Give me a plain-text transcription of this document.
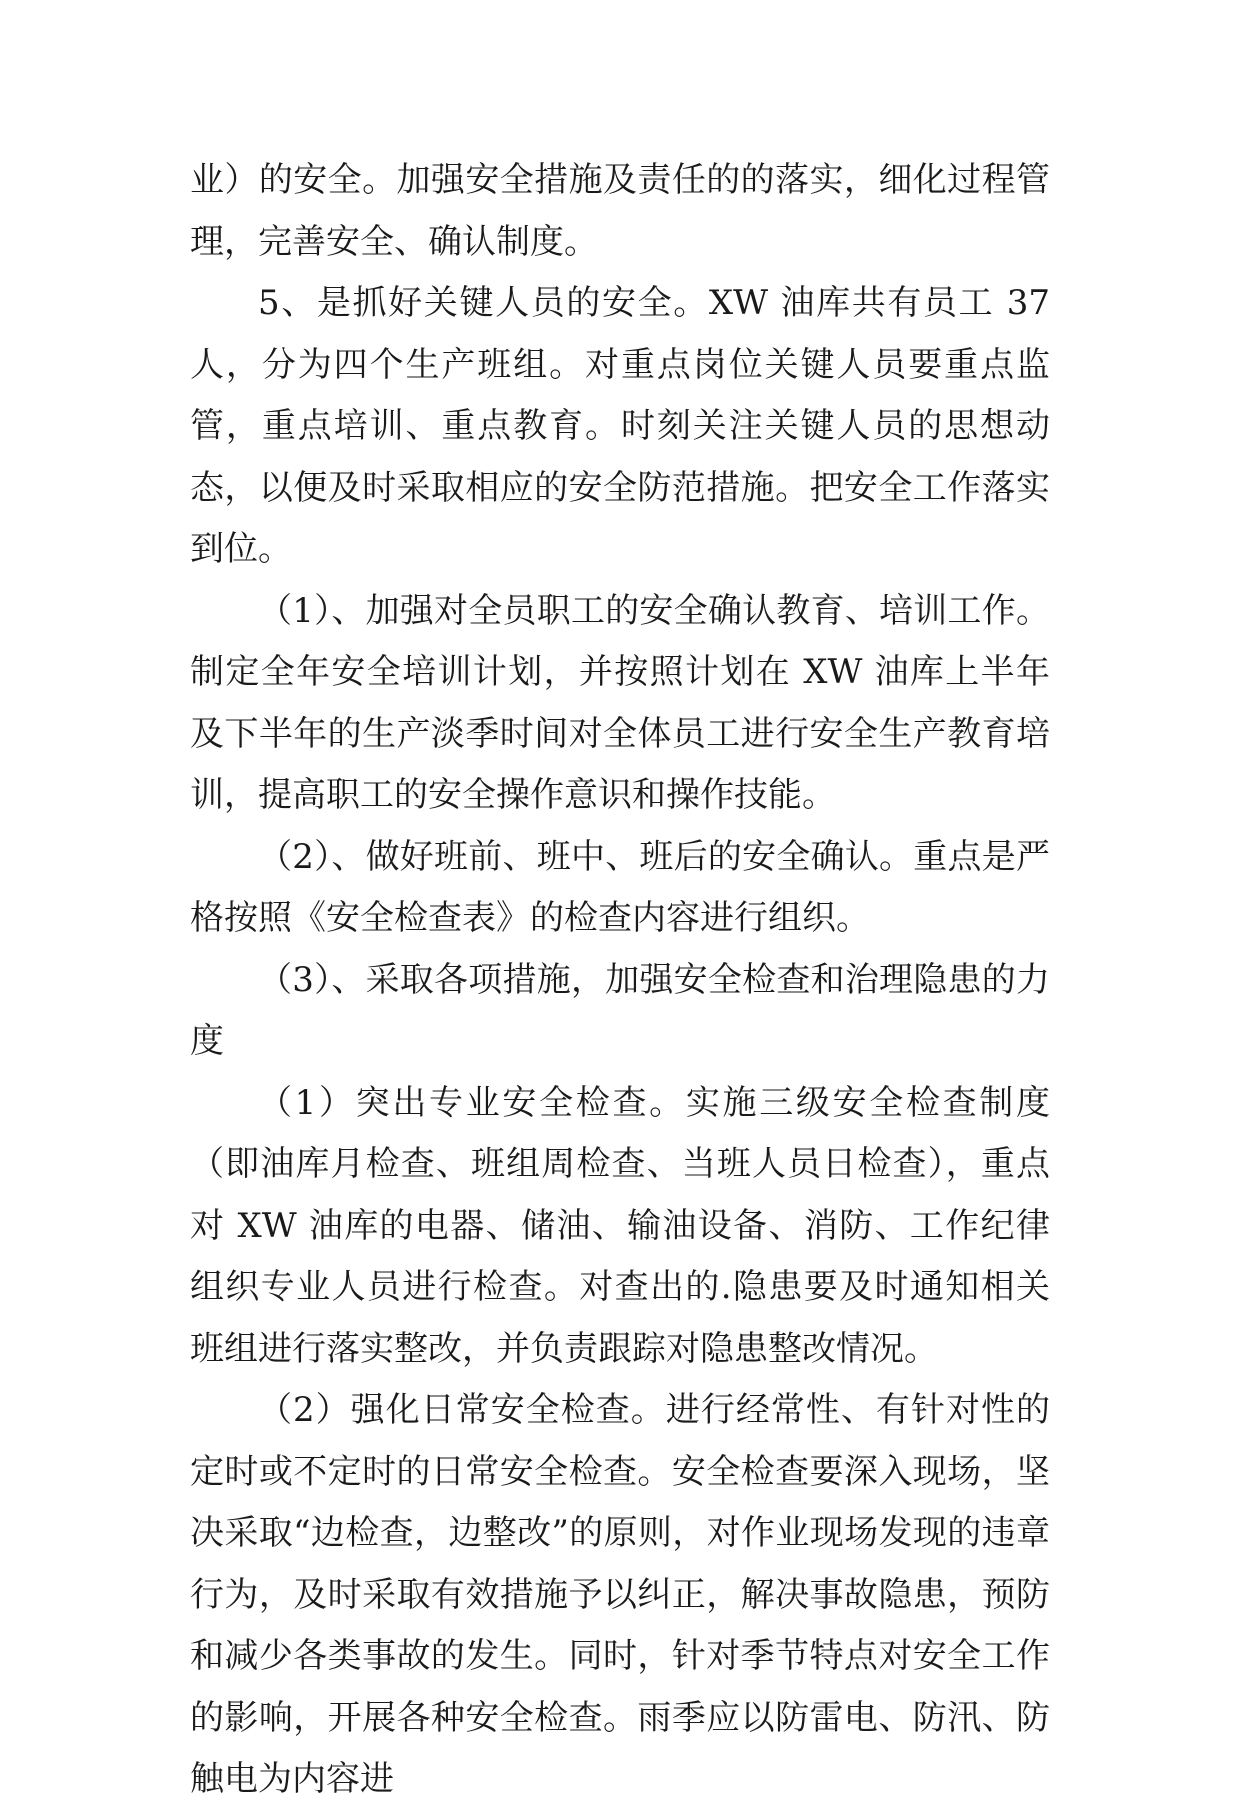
业）的安全。加强安全措施及责任的的落实，细化过程管理，完善安全、确认制度。

5、是抓好关键人员的安全。XW 油库共有员工 37 人，分为四个生产班组。对重点岗位关键人员要重点监管，重点培训、重点教育。时刻关注关键人员的思想动态，以便及时采取相应的安全防范措施。把安全工作落实到位。

（1）、加强对全员职工的安全确认教育、培训工作。制定全年安全培训计划，并按照计划在 XW 油库上半年及下半年的生产淡季时间对全体员工进行安全生产教育培训，提高职工的安全操作意识和操作技能。

（2）、做好班前、班中、班后的安全确认。重点是严格按照《安全检查表》的检查内容进行组织。

（3）、采取各项措施，加强安全检查和治理隐患的力度

（1）突出专业安全检查。实施三级安全检查制度（即油库月检查、班组周检查、当班人员日检查），重点对 XW 油库的电器、储油、输油设备、消防、工作纪律组织专业人员进行检查。对查出的.隐患要及时通知相关班组进行落实整改，并负责跟踪对隐患整改情况。

（2）强化日常安全检查。进行经常性、有针对性的定时或不定时的日常安全检查。安全检查要深入现场，坚决采取“边检查，边整改”的原则，对作业现场发现的违章行为，及时采取有效措施予以纠正，解决事故隐患，预防和减少各类事故的发生。同时，针对季节特点对安全工作的影响，开展各种安全检查。雨季应以防雷电、防汛、防触电为内容进
